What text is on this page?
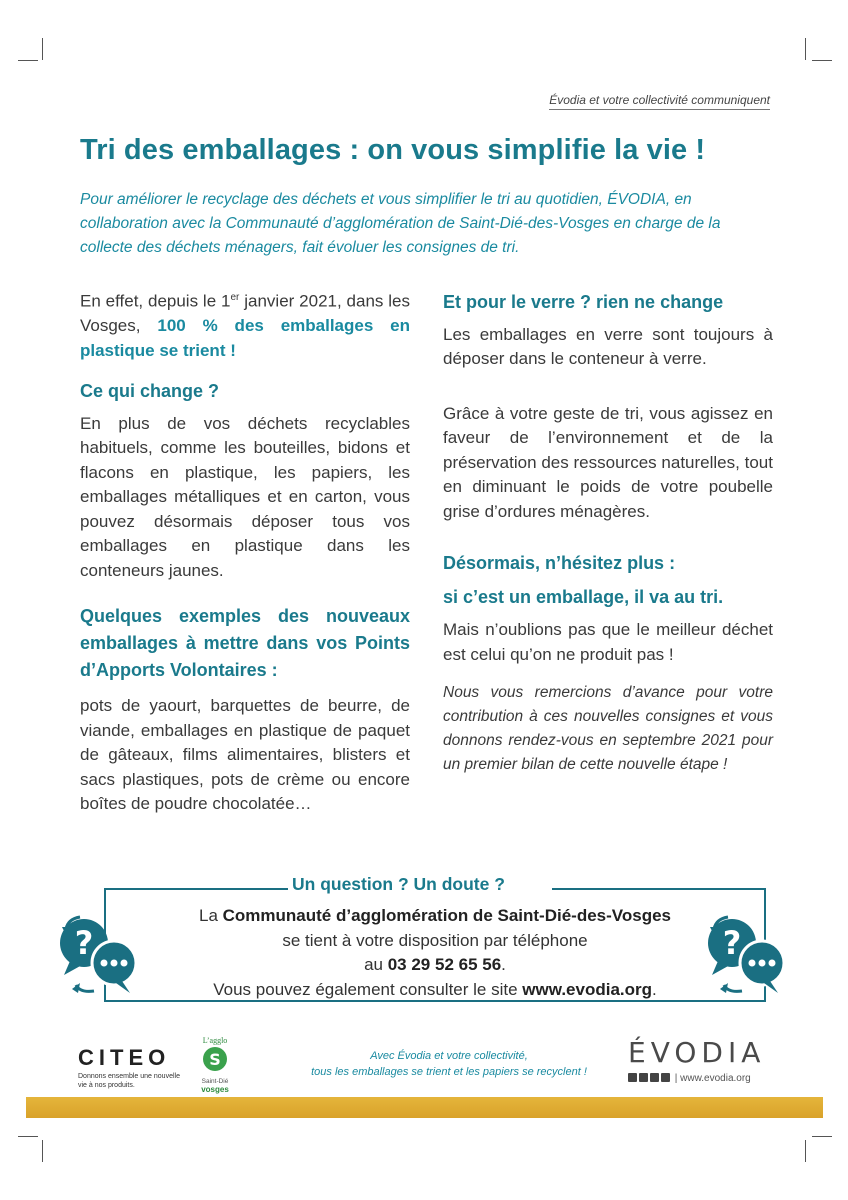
Évodia et votre collectivité communiquent
Tri des emballages : on vous simplifie la vie !
Pour améliorer le recyclage des déchets et vous simplifier le tri au quotidien, ÉVODIA, en collaboration avec la Communauté d’agglomération de Saint-Dié-des-Vosges en charge de la collecte des déchets ménagers, fait évoluer les consignes de tri.

En effet, depuis le 1er janvier 2021, dans les Vosges, 100 % des emballages en plastique se trient !

Ce qui change ?

En plus de vos déchets recyclables habituels, comme les bouteilles, bidons et flacons en plastique, les papiers, les emballages métalliques et en carton, vous pouvez désormais déposer tous vos emballages en plastique dans les conteneurs jaunes.

Quelques exemples des nouveaux emballages à mettre dans vos Points d’Apports Volontaires :

pots de yaourt, barquettes de beurre, de viande, emballages en plastique de paquet de gâteaux, films alimentaires, blisters et sacs plastiques, pots de crème ou encore boîtes de poudre chocolatée…

Et pour le verre ? rien ne change

Les emballages en verre sont toujours à déposer dans le conteneur à verre.

Grâce à votre geste de tri, vous agissez en faveur de l’environnement et de la préservation des ressources naturelles, tout en diminuant le poids de votre poubelle grise d’ordures ménagères.

Désormais, n’hésitez plus :
si c’est un emballage, il va au tri.

Mais n’oublions pas que le meilleur déchet est celui qu’on ne produit pas !

Nous vous remercions d’avance pour votre contribution à ces nouvelles consignes et vous donnons rendez-vous en septembre 2021 pour un premier bilan de cette nouvelle étape !

Un question ? Un doute ?
La Communauté d’agglomération de Saint-Dié-des-Vosges
se tient à votre disposition par téléphone
au 03 29 52 65 56.
Vous pouvez également consulter le site www.evodia.org.
?	?
CITEO
Donnons ensemble une nouvelle vie à nos produits.
L’agglo
S
Saint-Dié
vosges
Avec Évodia et votre collectivité,
tous les emballages se trient et les papiers se recyclent !
ÉVODIA
| www.evodia.org
